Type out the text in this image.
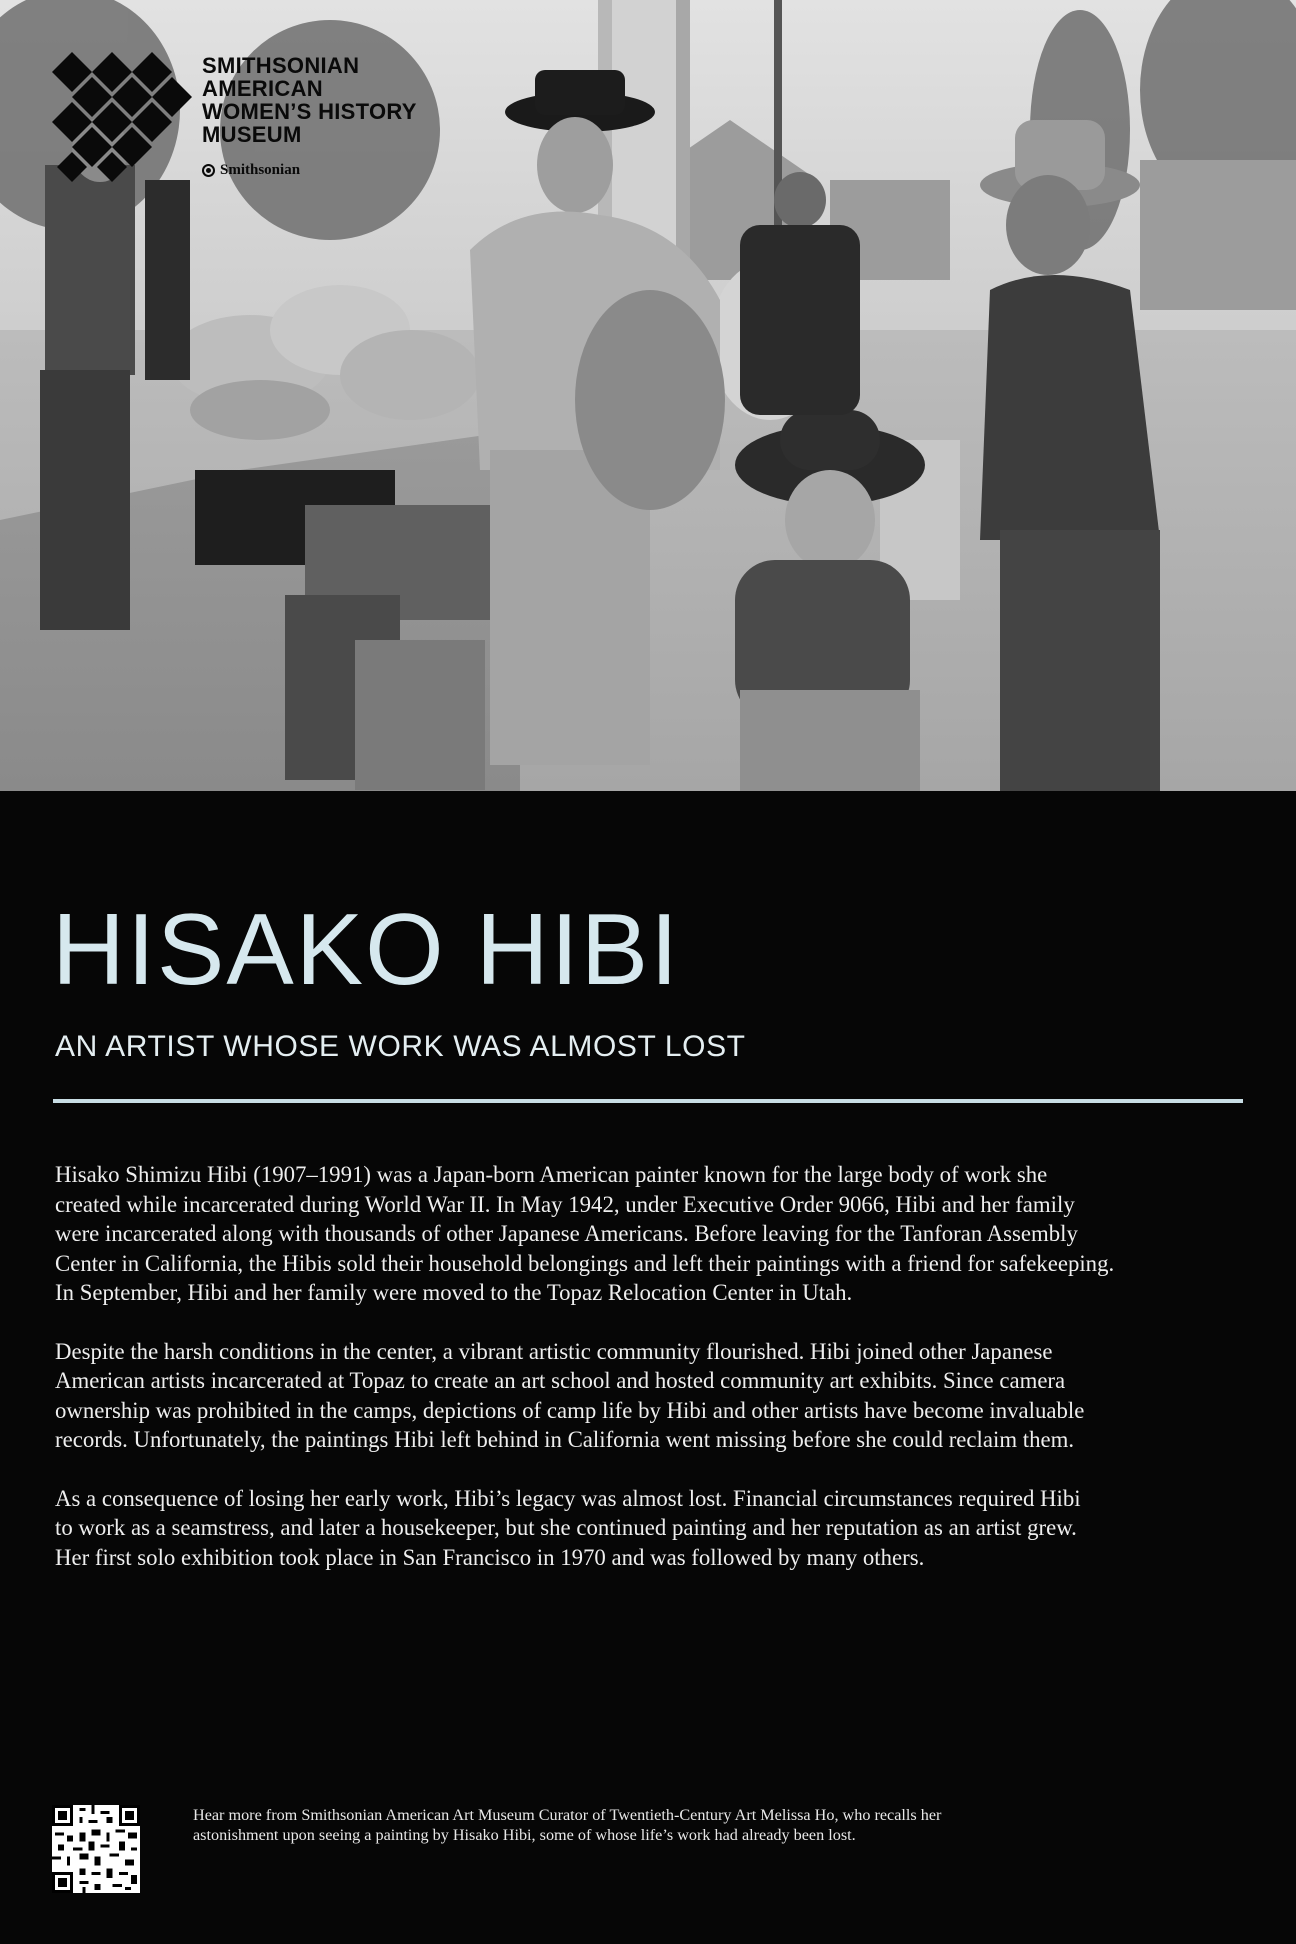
SMITHSONIAN
AMERICAN
WOMEN’S HISTORY
MUSEUM
Smithsonian
HISAKO HIBI
AN ARTIST WHOSE WORK WAS ALMOST LOST

Hisako Shimizu Hibi (1907–1991) was a Japan-born American painter known for the large body of work she
created while incarcerated during World War II. In May 1942, under Executive Order 9066, Hibi and her family
were incarcerated along with thousands of other Japanese Americans. Before leaving for the Tanforan Assembly
Center in California, the Hibis sold their household belongings and left their paintings with a friend for safekeeping.
In September, Hibi and her family were moved to the Topaz Relocation Center in Utah.

Despite the harsh conditions in the center, a vibrant artistic community flourished. Hibi joined other Japanese
American artists incarcerated at Topaz to create an art school and hosted community art exhibits. Since camera
ownership was prohibited in the camps, depictions of camp life by Hibi and other artists have become invaluable
records. Unfortunately, the paintings Hibi left behind in California went missing before she could reclaim them.

As a consequence of losing her early work, Hibi’s legacy was almost lost. Financial circumstances required Hibi
to work as a seamstress, and later a housekeeper, but she continued painting and her reputation as an artist grew.
Her first solo exhibition took place in San Francisco in 1970 and was followed by many others.

Hear more from Smithsonian American Art Museum Curator of Twentieth-Century Art Melissa Ho, who recalls her
astonishment upon seeing a painting by Hisako Hibi, some of whose life’s work had already been lost.
